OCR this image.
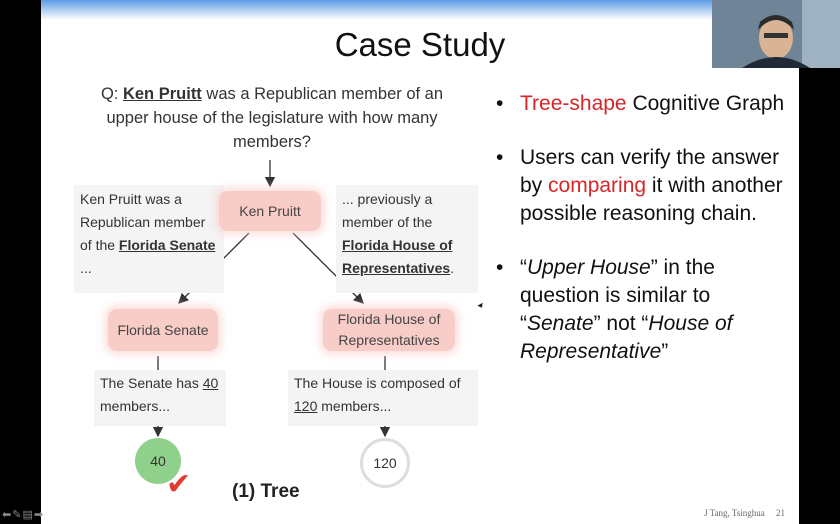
Case Study
Q: Ken Pruitt was a Republican member of an upper house of the legislature with how many members?
Ken Pruitt was a Republican member of the Florida Senate ...
... previously a member of the Florida House of Representatives.
Ken Pruitt
Florida Senate
Florida House of Representatives
The Senate has 40 members...
The House is composed of 120 members...
40	120
✔ (1) Tree
• Tree-shape Cognitive Graph
• Users can verify the answer by comparing it with another possible reasoning chain.
• “Upper House” in the question is similar to “Senate” not “House of Representative”
J Tang, Tsinghua 21
⬅✎▤➡
